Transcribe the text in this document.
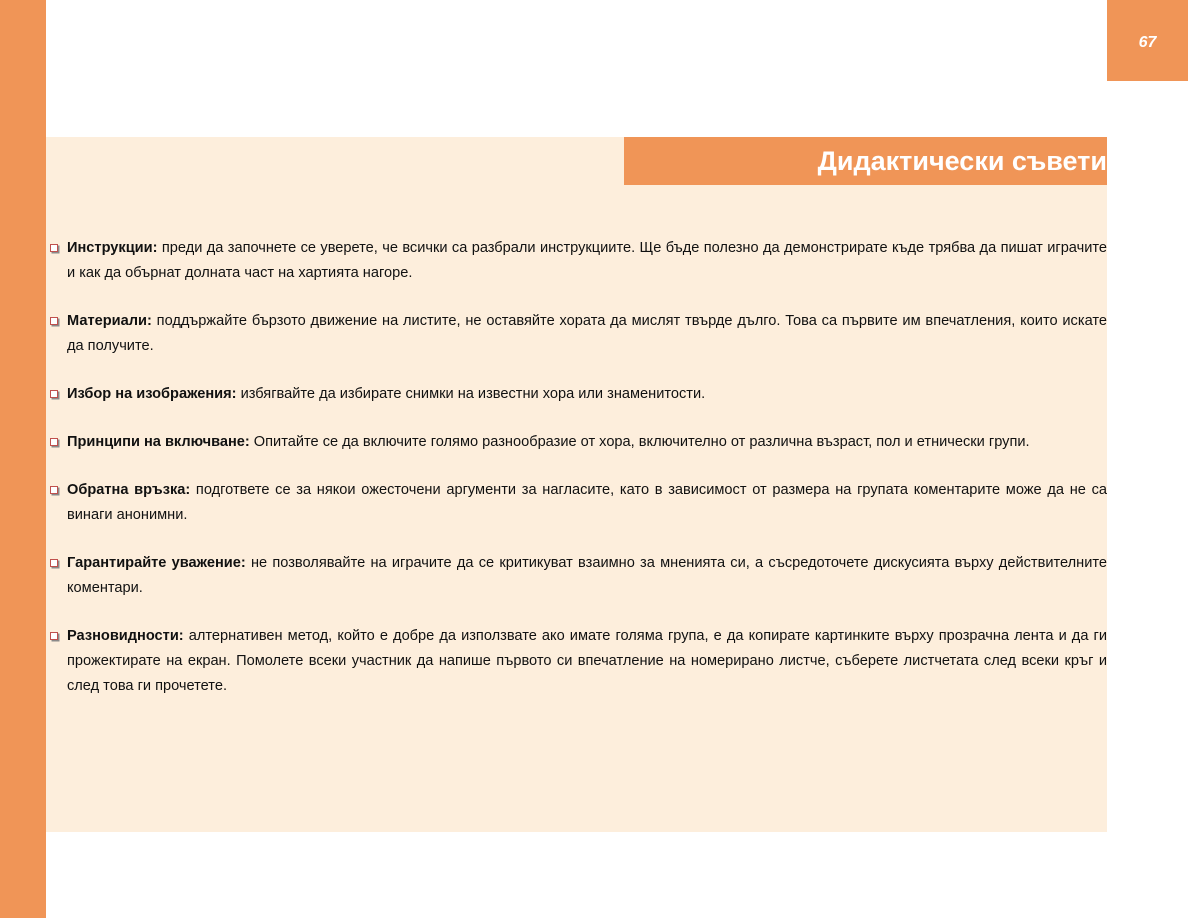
67
Дидактически съвети
Инструкции: преди да започнете се уверете, че всички са разбрали инструкциите. Ще бъде полезно да демонстрирате къде трябва да пишат играчите и как да обърнат долната част на хартията нагоре.
Материали: поддържайте бързото движение на листите, не оставяйте хората да мислят твърде дълго. Това са първите им впечатления, които искате да получите.
Избор на изображения: избягвайте да избирате снимки на известни хора или знаменитости.
Принципи на включване: Опитайте се да включите голямо разнообразие от хора, включително от различна възраст, пол и етнически групи.
Обратна връзка: подгответе се за някои ожесточени аргументи за нагласите, като в зависимост от размера на групата коментарите може да не са винаги анонимни.
Гарантирайте уважение: не позволявайте на играчите да се критикуват взаимно за мненията си, а съсредоточете дискусията върху действителните коментари.
Разновидности: алтернативен метод, който е добре да използвате ако имате голяма група, е да копирате картинките върху прозрачна лента и да ги прожектирате на екран. Помолете всеки участник да напише първото си впечатление на номерирано листче, съберете листчетата след всеки кръг и след това ги прочетете.
